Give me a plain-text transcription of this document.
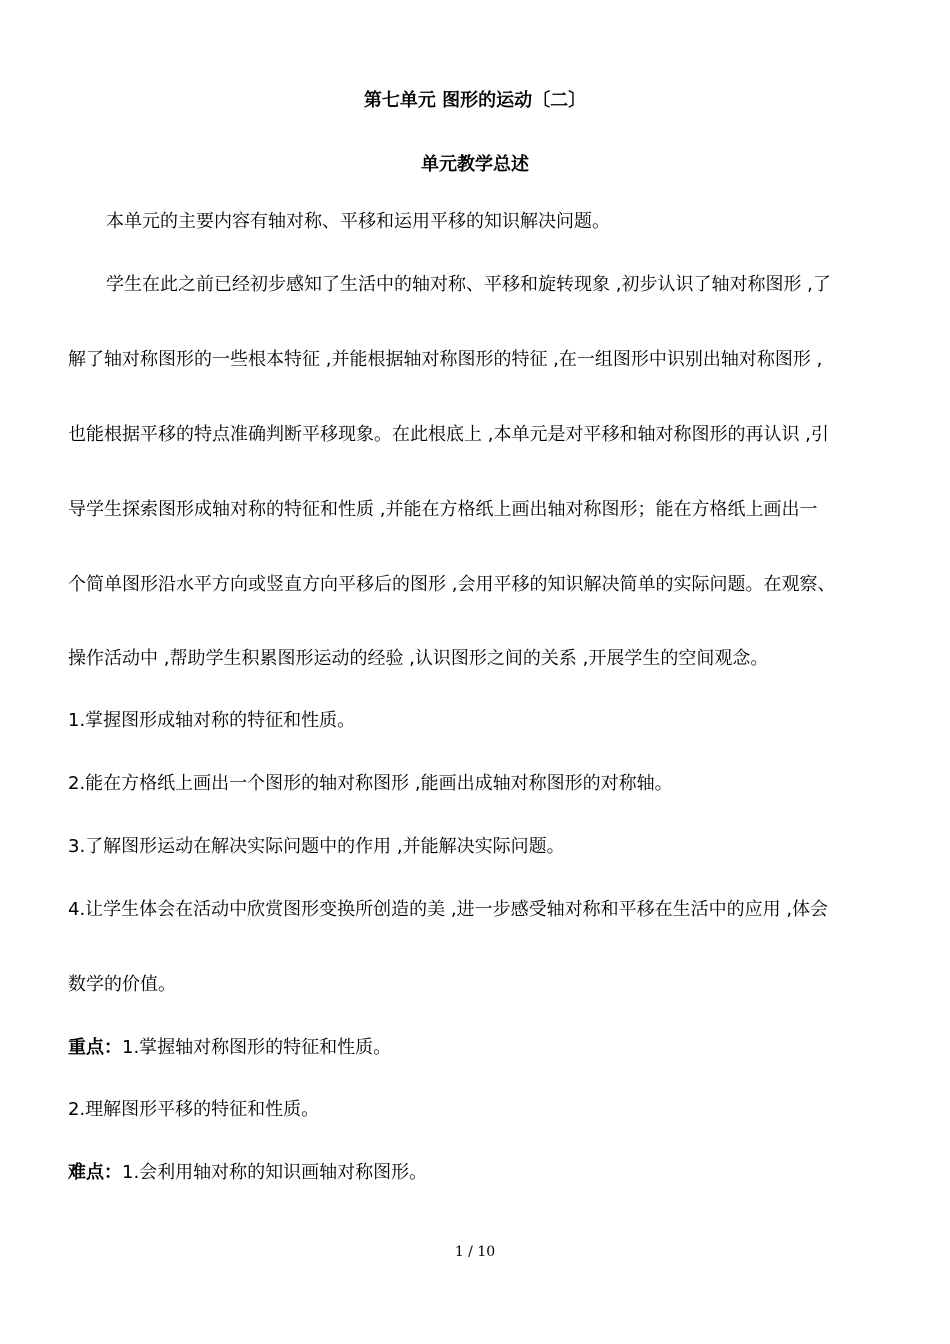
第七单元 图形的运动〔二〕
单元教学总述

本单元的主要内容有轴对称、平移和运用平移的知识解决问题。

学生在此之前已经初步感知了生活中的轴对称、平移和旋转现象 ,初步认识了轴对称图形 ,了

解了轴对称图形的一些根本特征 ,并能根据轴对称图形的特征 ,在一组图形中识别出轴对称图形 ,

也能根据平移的特点准确判断平移现象。在此根底上 ,本单元是对平移和轴对称图形的再认识 ,引

导学生探索图形成轴对称的特征和性质 ,并能在方格纸上画出轴对称图形；能在方格纸上画出一

个简单图形沿水平方向或竖直方向平移后的图形 ,会用平移的知识解决简单的实际问题。在观察、

操作活动中 ,帮助学生积累图形运动的经验 ,认识图形之间的关系 ,开展学生的空间观念。

1.掌握图形成轴对称的特征和性质。

2.能在方格纸上画出一个图形的轴对称图形 ,能画出成轴对称图形的对称轴。

3.了解图形运动在解决实际问题中的作用 ,并能解决实际问题。

4.让学生体会在活动中欣赏图形变换所创造的美 ,进一步感受轴对称和平移在生活中的应用 ,体会

数学的价值。

重点：1.掌握轴对称图形的特征和性质。

2.理解图形平移的特征和性质。

难点：1.会利用轴对称的知识画轴对称图形。

1 / 10
